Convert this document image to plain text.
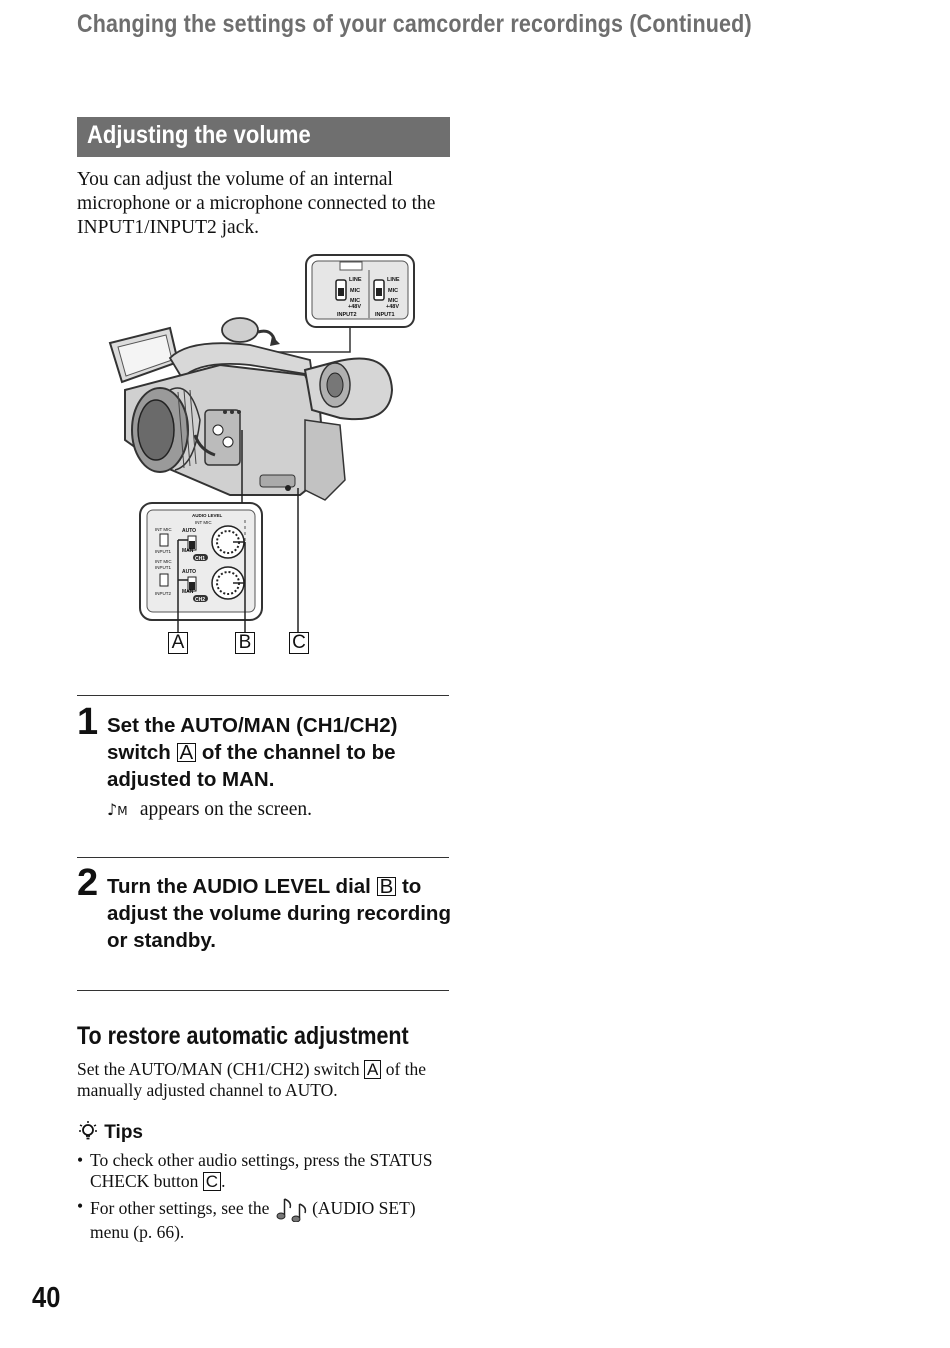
Changing the settings of your camcorder recordings (Continued)
Adjusting the volume
You can adjust the volume of an internal microphone or a microphone connected to the INPUT1/INPUT2 jack.
LINE
MIC
MIC
+48V
INPUT2
LINE
MIC
MIC
+48V
INPUT1
AUDIO LEVEL
INT MIC
INT MIC
INPUT1
INT MIC
INPUT1
INPUT2
AUTO
MAN
CH1
AUTO
MAN
CH2
A	B C
1 Set the AUTO/MAN (CH1/CH2) switch A of the channel to be adjusted to MAN.
♪M appears on the screen.
2 Turn the AUDIO LEVEL dial B to adjust the volume during recording or standby.
To restore automatic adjustment
Set the AUTO/MAN (CH1/CH2) switch A of the manually adjusted channel to AUTO.
Tips
• To check other audio settings, press the STATUS CHECK button C .
• For other settings, see the (AUDIO SET) menu (p. 66).
40
